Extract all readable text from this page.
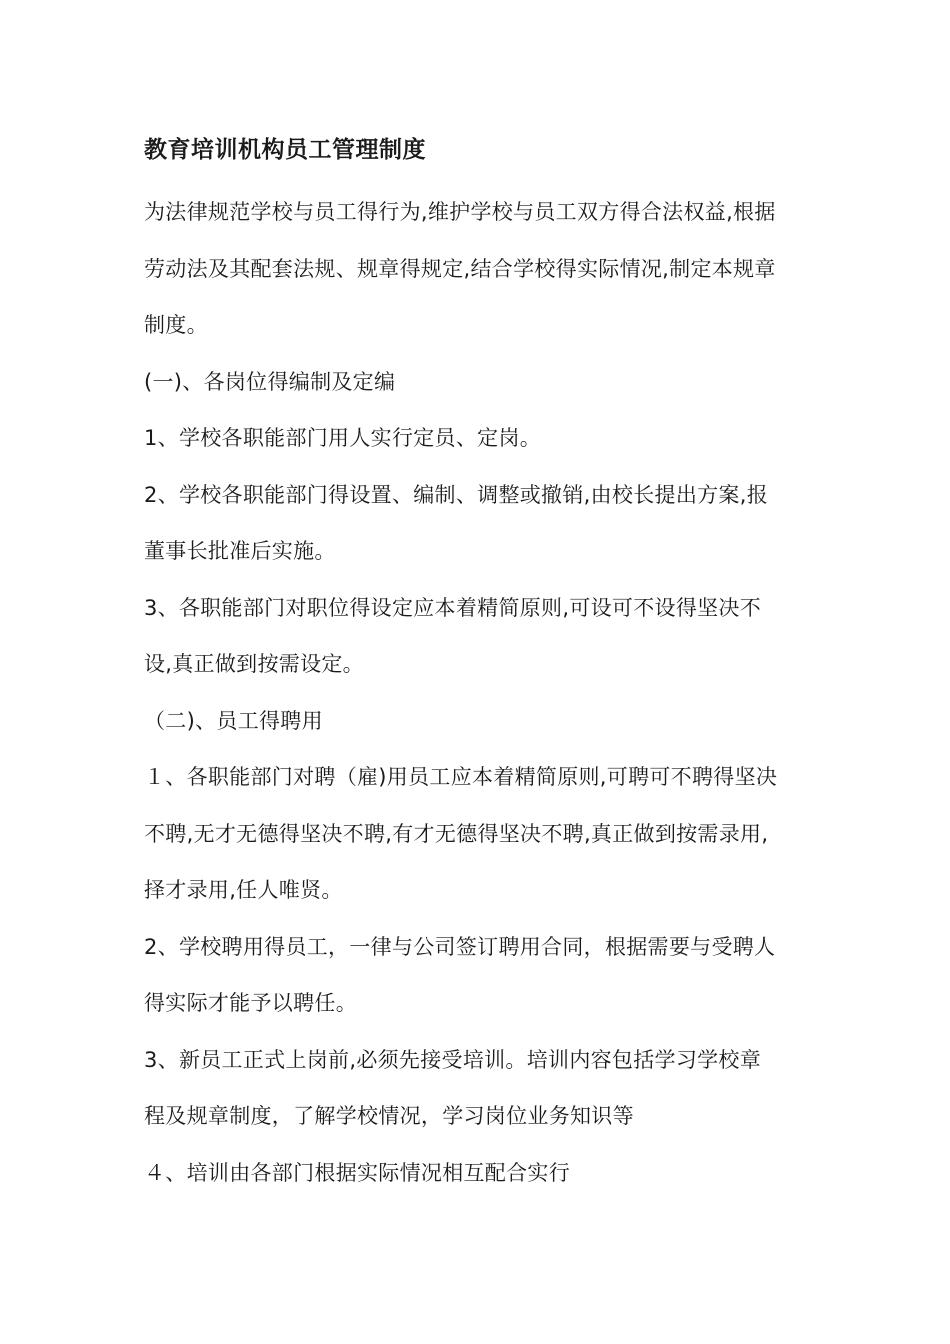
教育培训机构员工管理制度

为法律规范学校与员工得行为,维护学校与员工双方得合法权益,根据
劳动法及其配套法规、规章得规定,结合学校得实际情况,制定本规章
制度。

(一)、各岗位得编制及定编

1、学校各职能部门用人实行定员、定岗。

2、学校各职能部门得设置、编制、调整或撤销,由校长提出方案,报
董事长批准后实施。

3、各职能部门对职位得设定应本着精简原则,可设可不设得坚决不
设,真正做到按需设定。

（二)、员工得聘用

１、各职能部门对聘（雇)用员工应本着精简原则,可聘可不聘得坚决
不聘,无才无德得坚决不聘,有才无德得坚决不聘,真正做到按需录用,
择才录用,任人唯贤。

2、学校聘用得员工，一律与公司签订聘用合同，根据需要与受聘人
得实际才能予以聘任。

3、新员工正式上岗前,必须先接受培训。培训内容包括学习学校章
程及规章制度，了解学校情况，学习岗位业务知识等

４、培训由各部门根据实际情况相互配合实行
